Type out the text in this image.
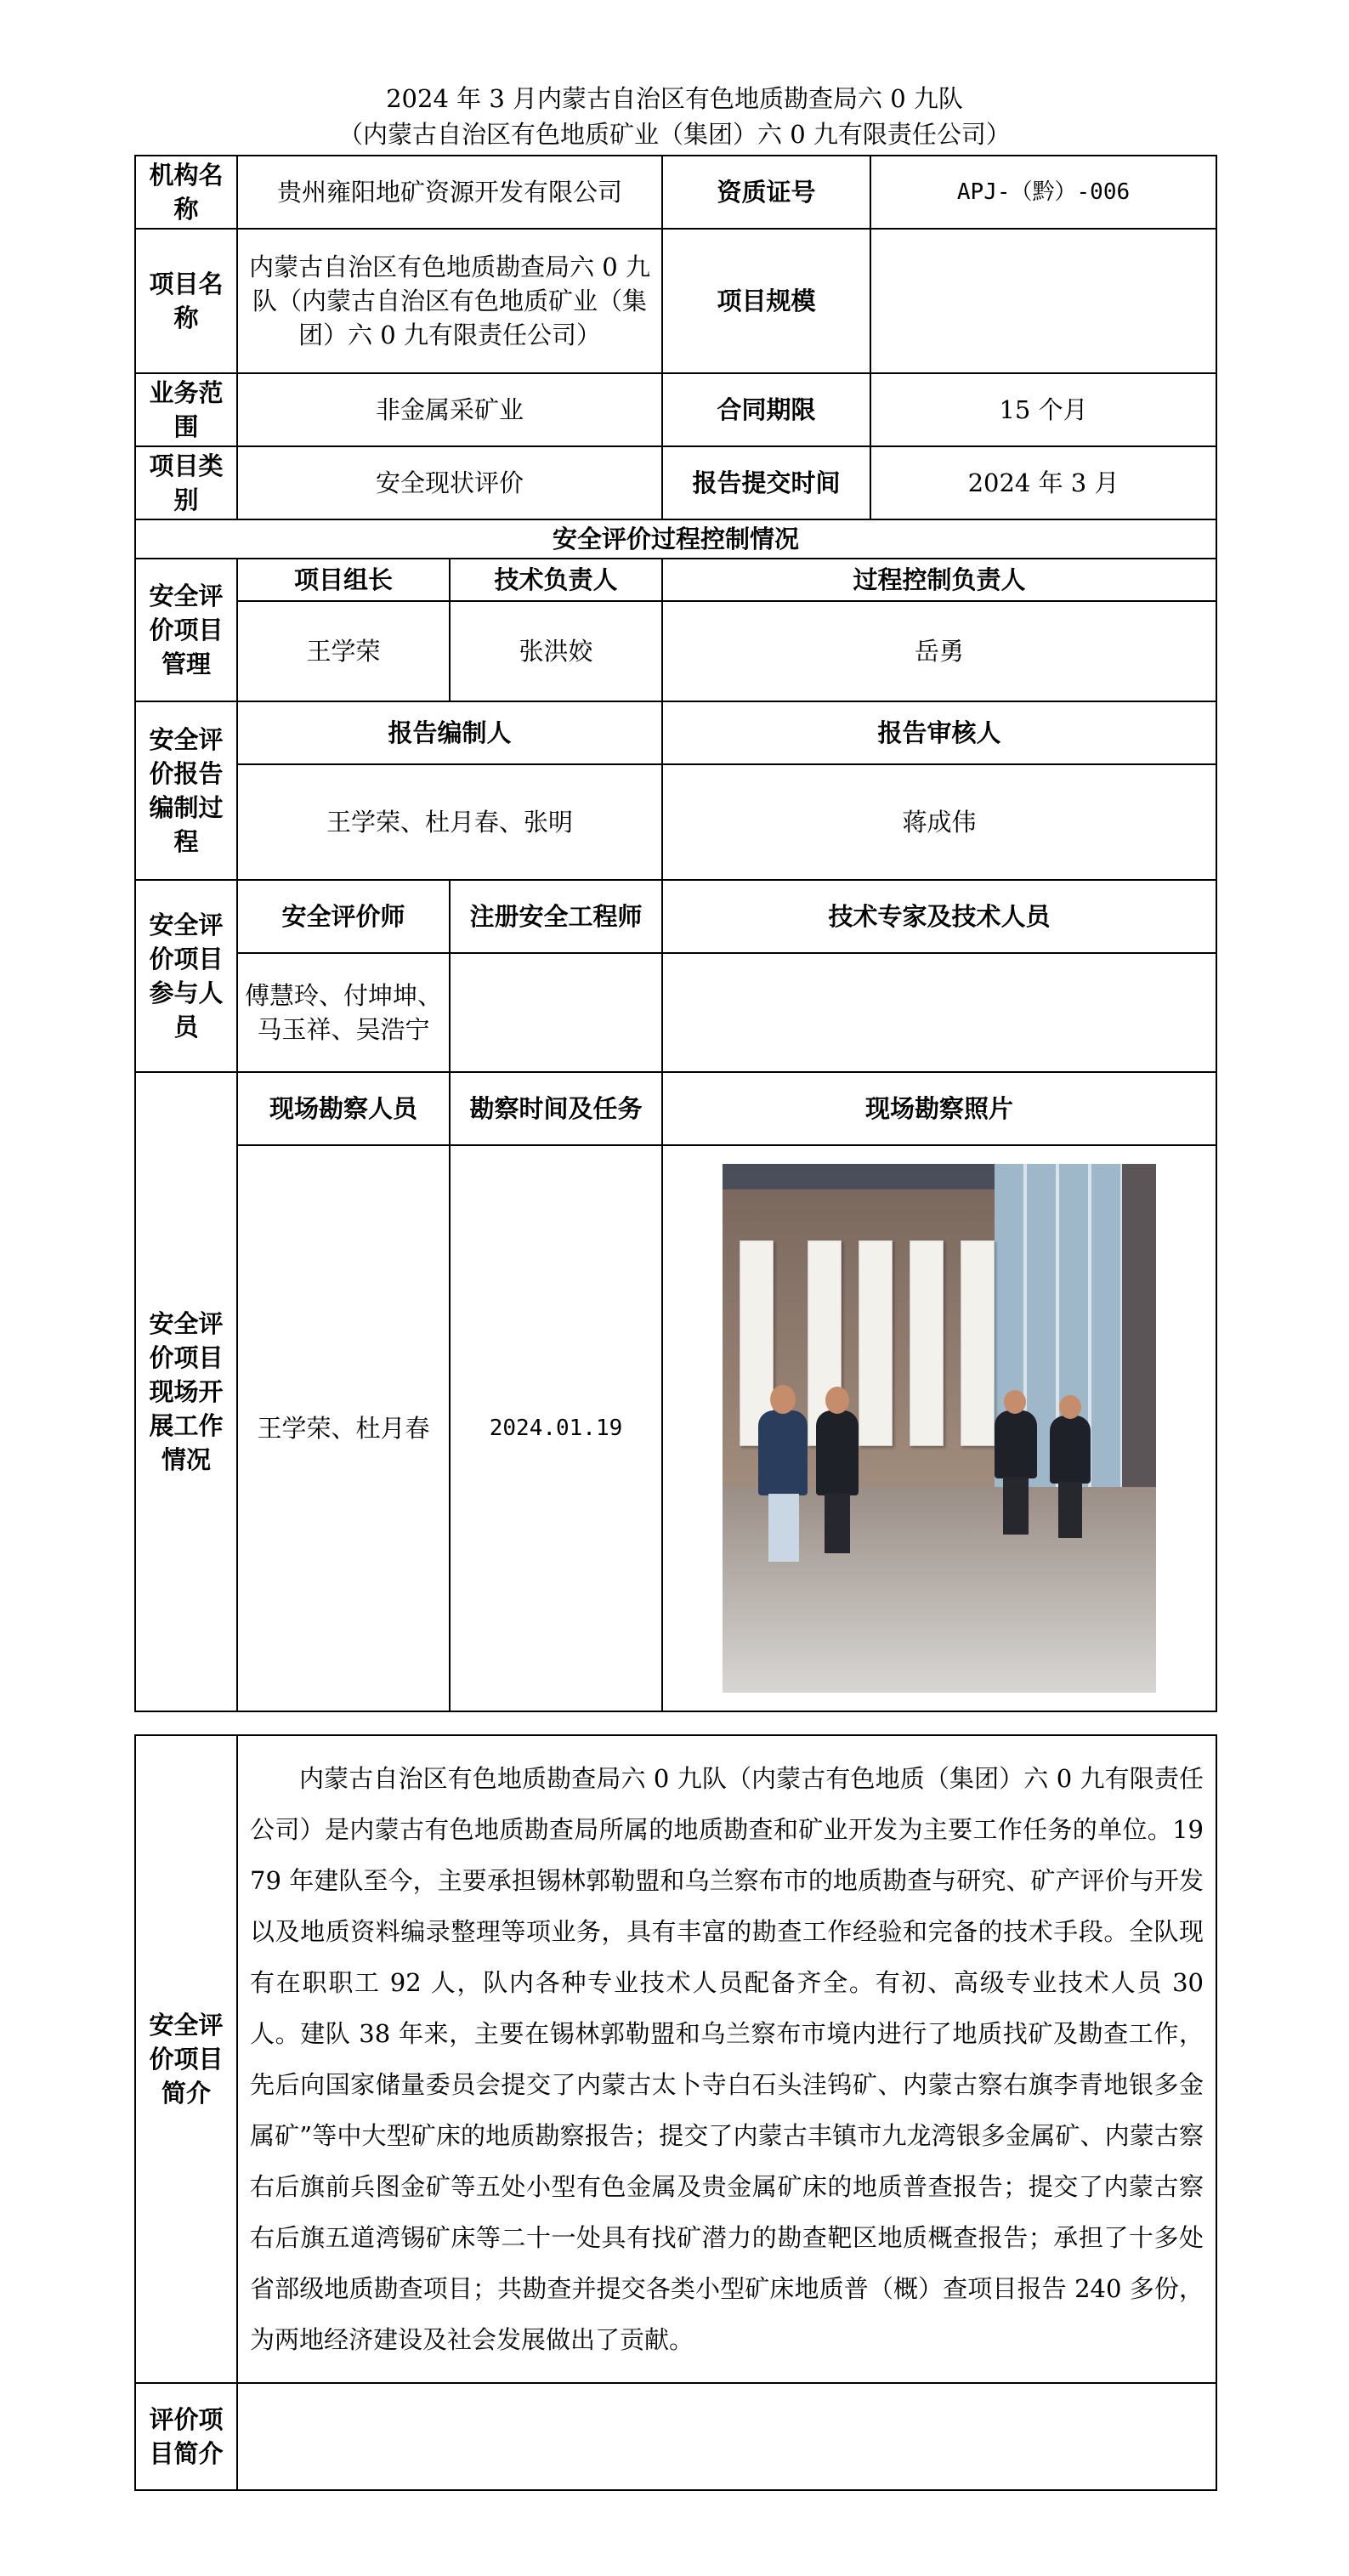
2024 年 3 月内蒙古自治区有色地质勘查局六 0 九队
（内蒙古自治区有色地质矿业（集团）六 0 九有限责任公司）
机构名称	贵州雍阳地矿资源开发有限公司		资质证号	APJ-（黔）-006
项目名称	内蒙古自治区有色地质勘查局六 0 九队（内蒙古自治区有色地质矿业（集团）六 0 九有限责任公司）		项目规模	
业务范围	非金属采矿业		合同期限	15 个月
项目类别	安全现状评价		报告提交时间	2024 年 3 月
安全评价过程控制情况				
安全评价项目管理	项目组长	技术负责人	过程控制负责人	
	王学荣	张洪姣	岳勇	
安全评价报告编制过程	报告编制人		报告审核人	
	王学荣、杜月春、张明		蒋成伟	
安全评价项目参与人员	安全评价师	注册安全工程师	技术专家及技术人员	
	傅慧玲、付坤坤、马玉祥、吴浩宁			
安全评价项目现场开展工作情况	现场勘察人员	勘察时间及任务	现场勘察照片	
	王学荣、杜月春	2024.01.19		
安全评价项目简介	内蒙古自治区有色地质勘查局六 0 九队（内蒙古有色地质（集团）六 0 九有限责任公司）是内蒙古有色地质勘查局所属的地质勘查和矿业开发为主要工作任务的单位。1979 年建队至今，主要承担锡林郭勒盟和乌兰察布市的地质勘查与研究、矿产评价与开发以及地质资料编录整理等项业务，具有丰富的勘查工作经验和完备的技术手段。全队现有在职职工 92 人，队内各种专业技术人员配备齐全。有初、高级专业技术人员 30 人。建队 38 年来，主要在锡林郭勒盟和乌兰察布市境内进行了地质找矿及勘查工作，先后向国家储量委员会提交了内蒙古太卜寺白石头洼钨矿、内蒙古察右旗李青地银多金属矿”等中大型矿床的地质勘察报告；提交了内蒙古丰镇市九龙湾银多金属矿、内蒙古察右后旗前兵图金矿等五处小型有色金属及贵金属矿床的地质普查报告；提交了内蒙古察右后旗五道湾锡矿床等二十一处具有找矿潜力的勘查靶区地质概查报告；承担了十多处省部级地质勘查项目；共勘查并提交各类小型矿床地质普（概）查项目报告 240 多份，为两地经济建设及社会发展做出了贡献。
评价项目简介	
